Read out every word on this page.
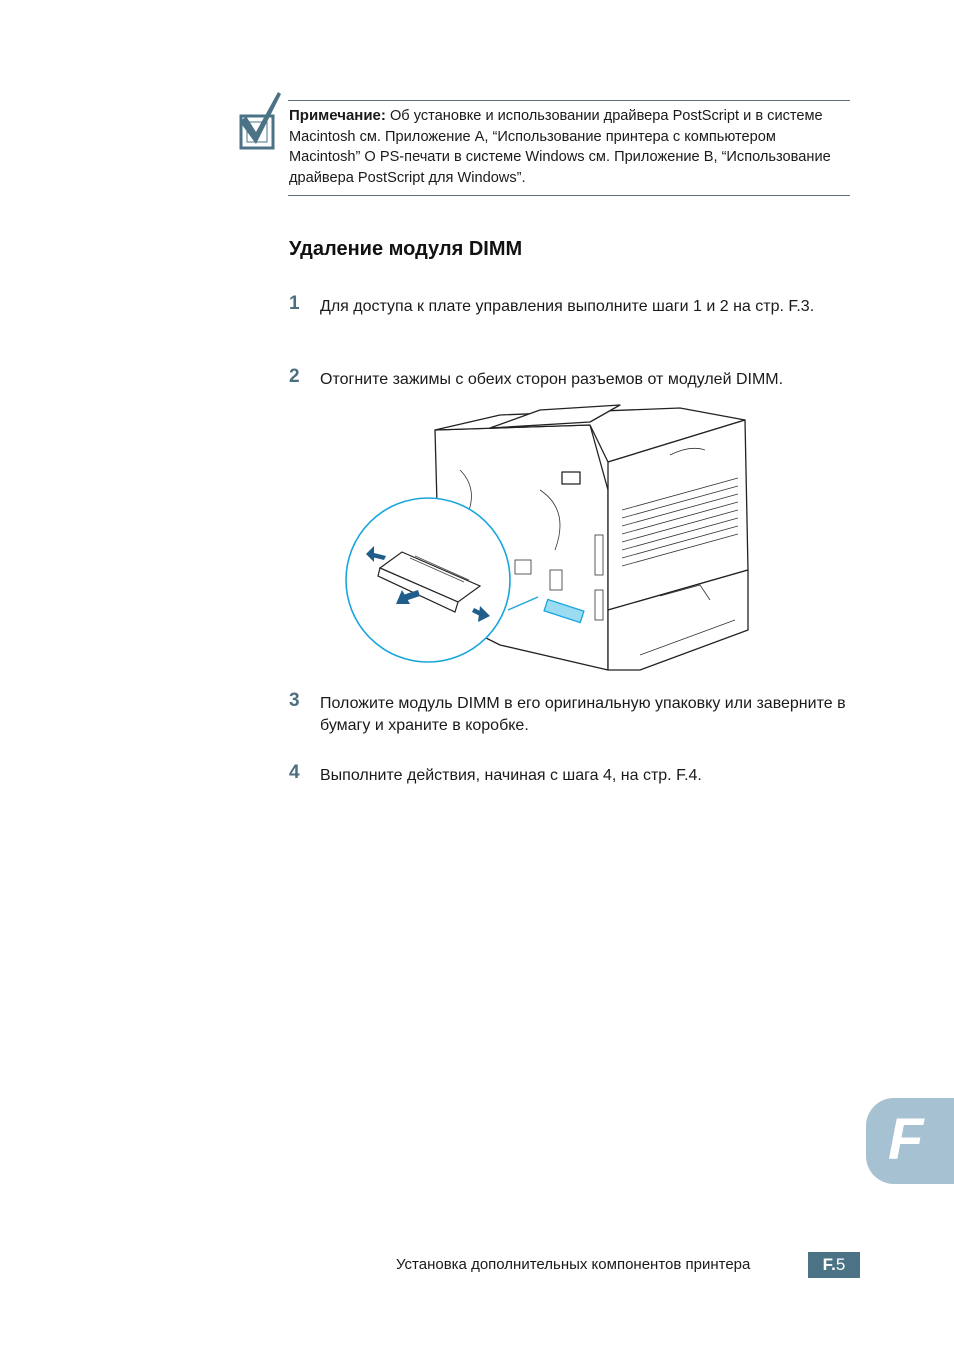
Примечание: Об установке и использовании драйвера PostScript и в системе Macintosh см. Приложение A, “Использование принтера с компьютером Macintosh” O PS-печати в системе Windows см. Приложение B, “Использование драйвера PostScript для Windows”.

Удаление модуля DIMM
1 Для доступа к плате управления выполните шаги 1 и 2 на стр. F.3.
2 Отогните зажимы с обеих сторон разъемов от модулей DIMM.
3 Положите модуль DIMM в его оригинальную упаковку или заверните в бумагу и храните в коробке.
4 Выполните действия, начиная с шага 4, на стр. F.4.
F
Установка дополнительных компонентов принтера	F.5
